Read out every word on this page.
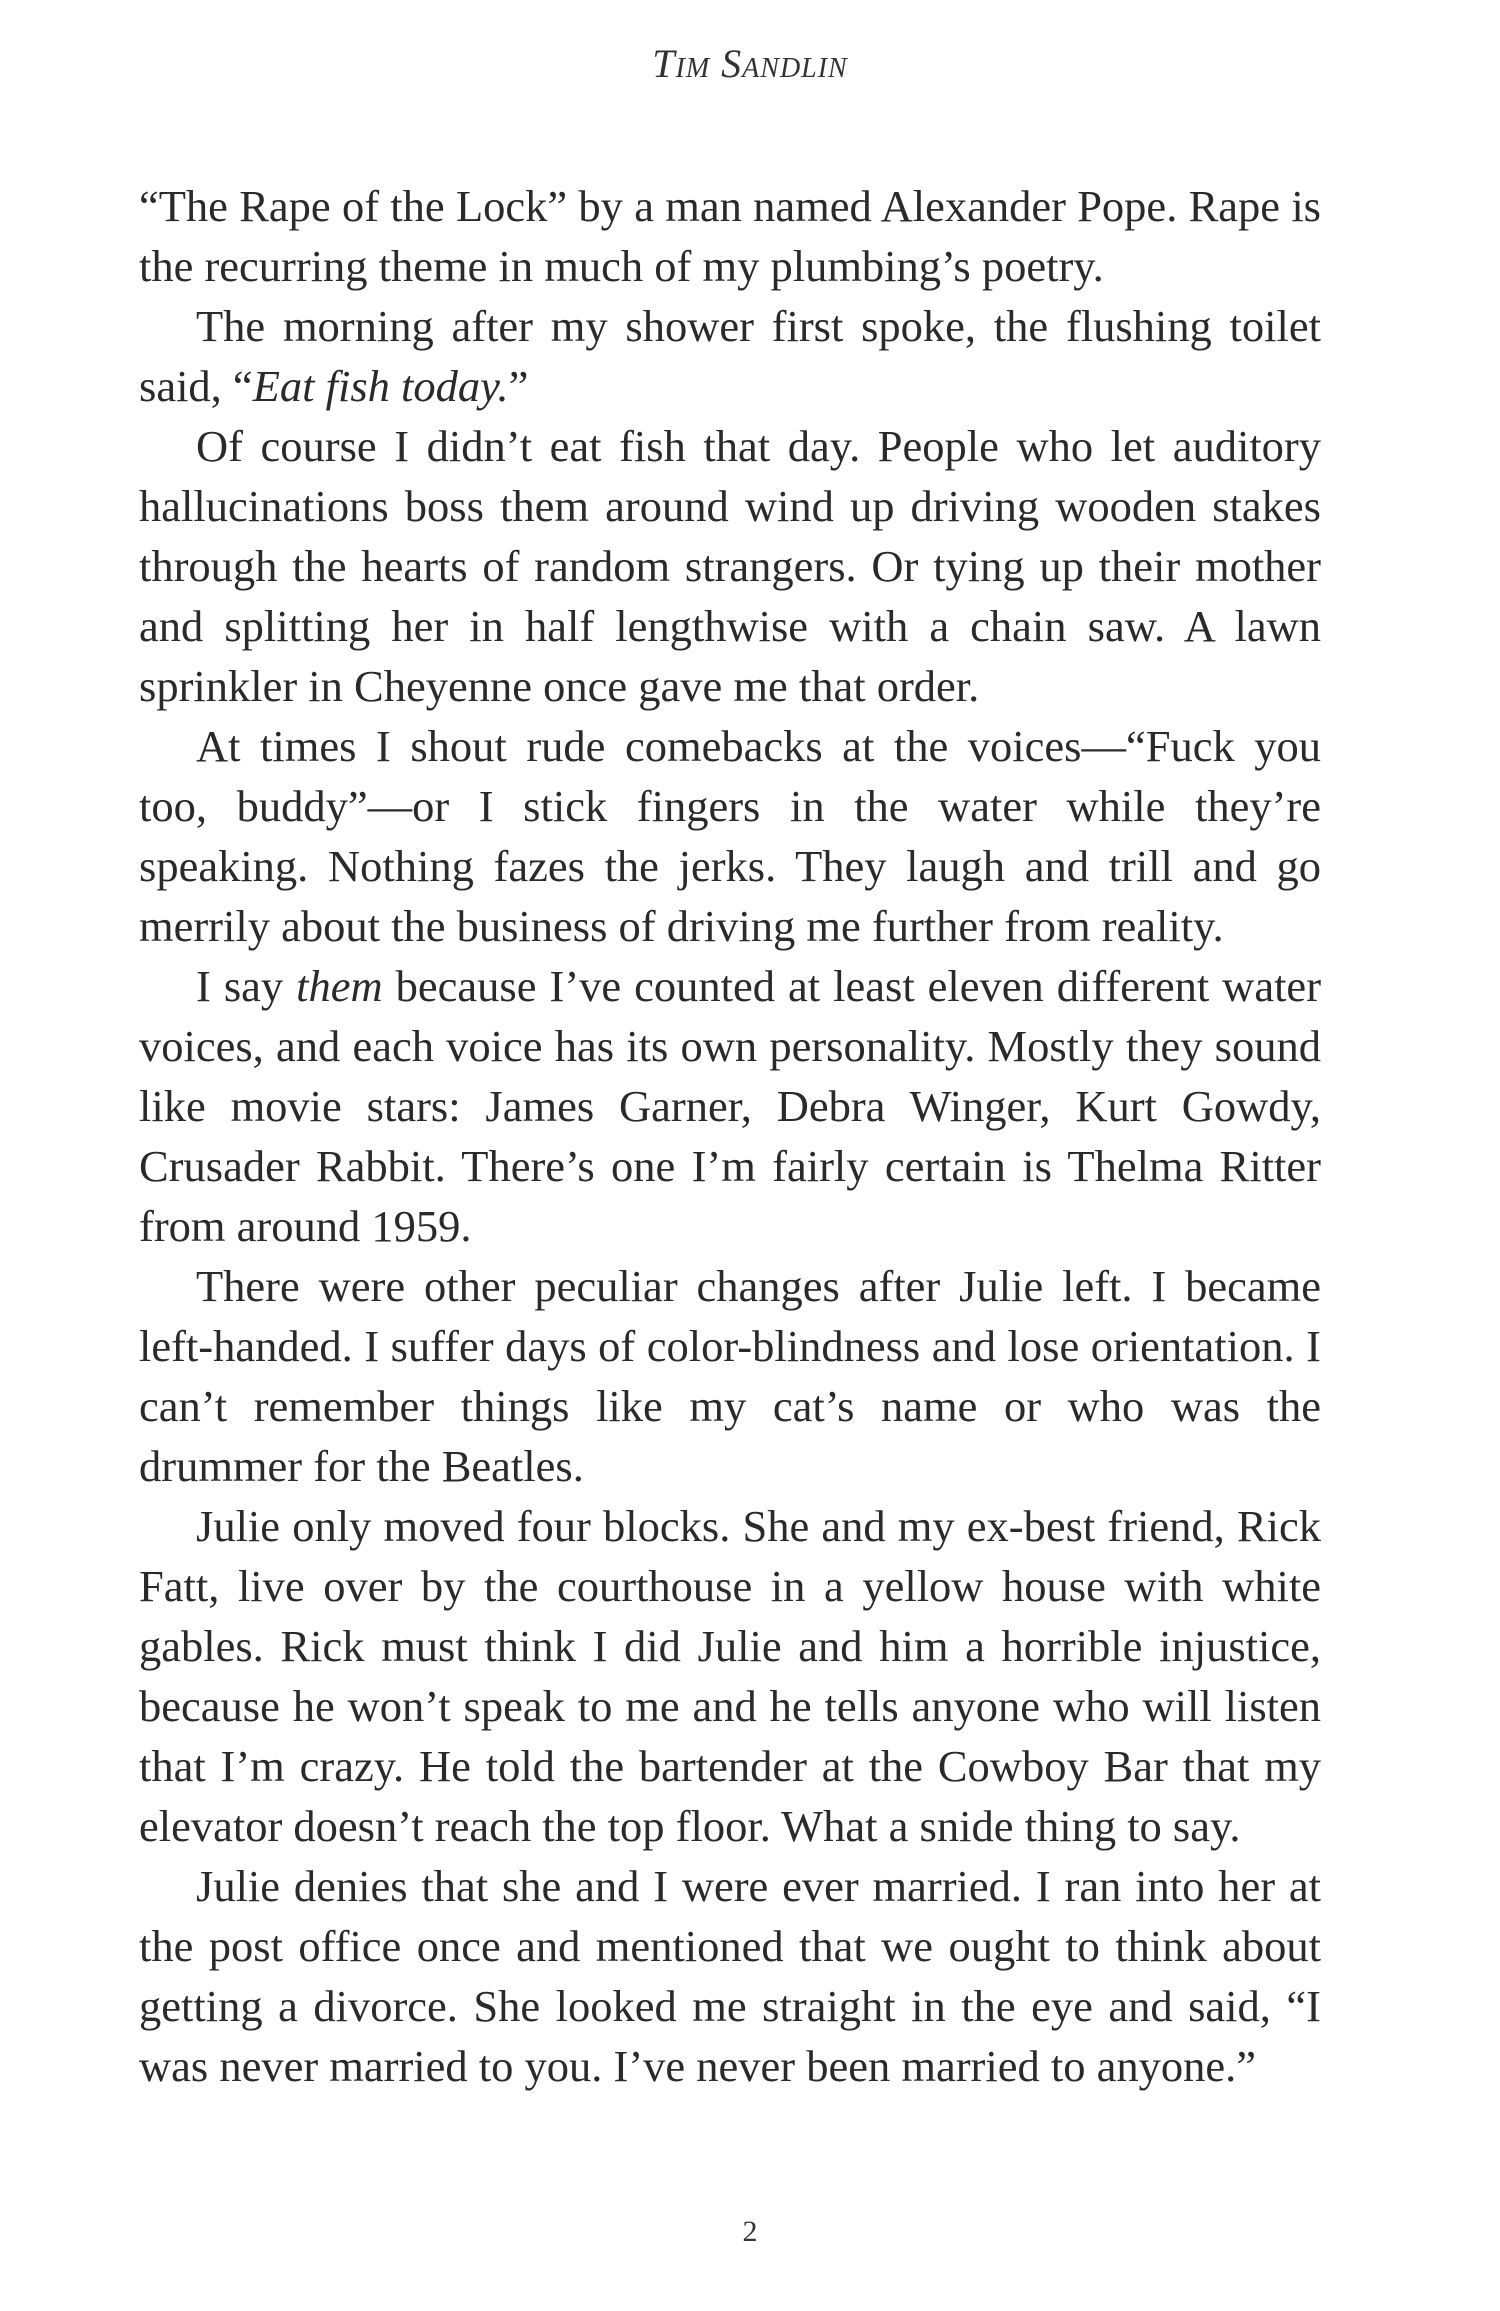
Tim Sandlin

“The Rape of the Lock” by a man named Alexander Pope. Rape is the recurring theme in much of my plumbing’s poetry.

The morning after my shower first spoke, the flushing toilet said, “Eat fish today.”

Of course I didn’t eat fish that day. People who let auditory hallucinations boss them around wind up driving wooden stakes through the hearts of random strangers. Or tying up their mother and splitting her in half lengthwise with a chain saw. A lawn sprinkler in Cheyenne once gave me that order.

At times I shout rude comebacks at the voices—“Fuck you too, buddy”—or I stick fingers in the water while they’re speaking. Nothing fazes the jerks. They laugh and trill and go merrily about the business of driving me further from reality.

I say them because I’ve counted at least eleven different water voices, and each voice has its own personality. Mostly they sound like movie stars: James Garner, Debra Winger, Kurt Gowdy, Crusader Rabbit. There’s one I’m fairly certain is Thelma Ritter from around 1959.

There were other peculiar changes after Julie left. I became left-handed. I suffer days of color-blindness and lose orientation. I can’t remember things like my cat’s name or who was the drummer for the Beatles.

Julie only moved four blocks. She and my ex-best friend, Rick Fatt, live over by the courthouse in a yellow house with white gables. Rick must think I did Julie and him a horrible injustice, because he won’t speak to me and he tells anyone who will listen that I’m crazy. He told the bartender at the Cowboy Bar that my elevator doesn’t reach the top floor. What a snide thing to say.

Julie denies that she and I were ever married. I ran into her at the post office once and mentioned that we ought to think about getting a divorce. She looked me straight in the eye and said, “I was never married to you. I’ve never been married to anyone.”

2
